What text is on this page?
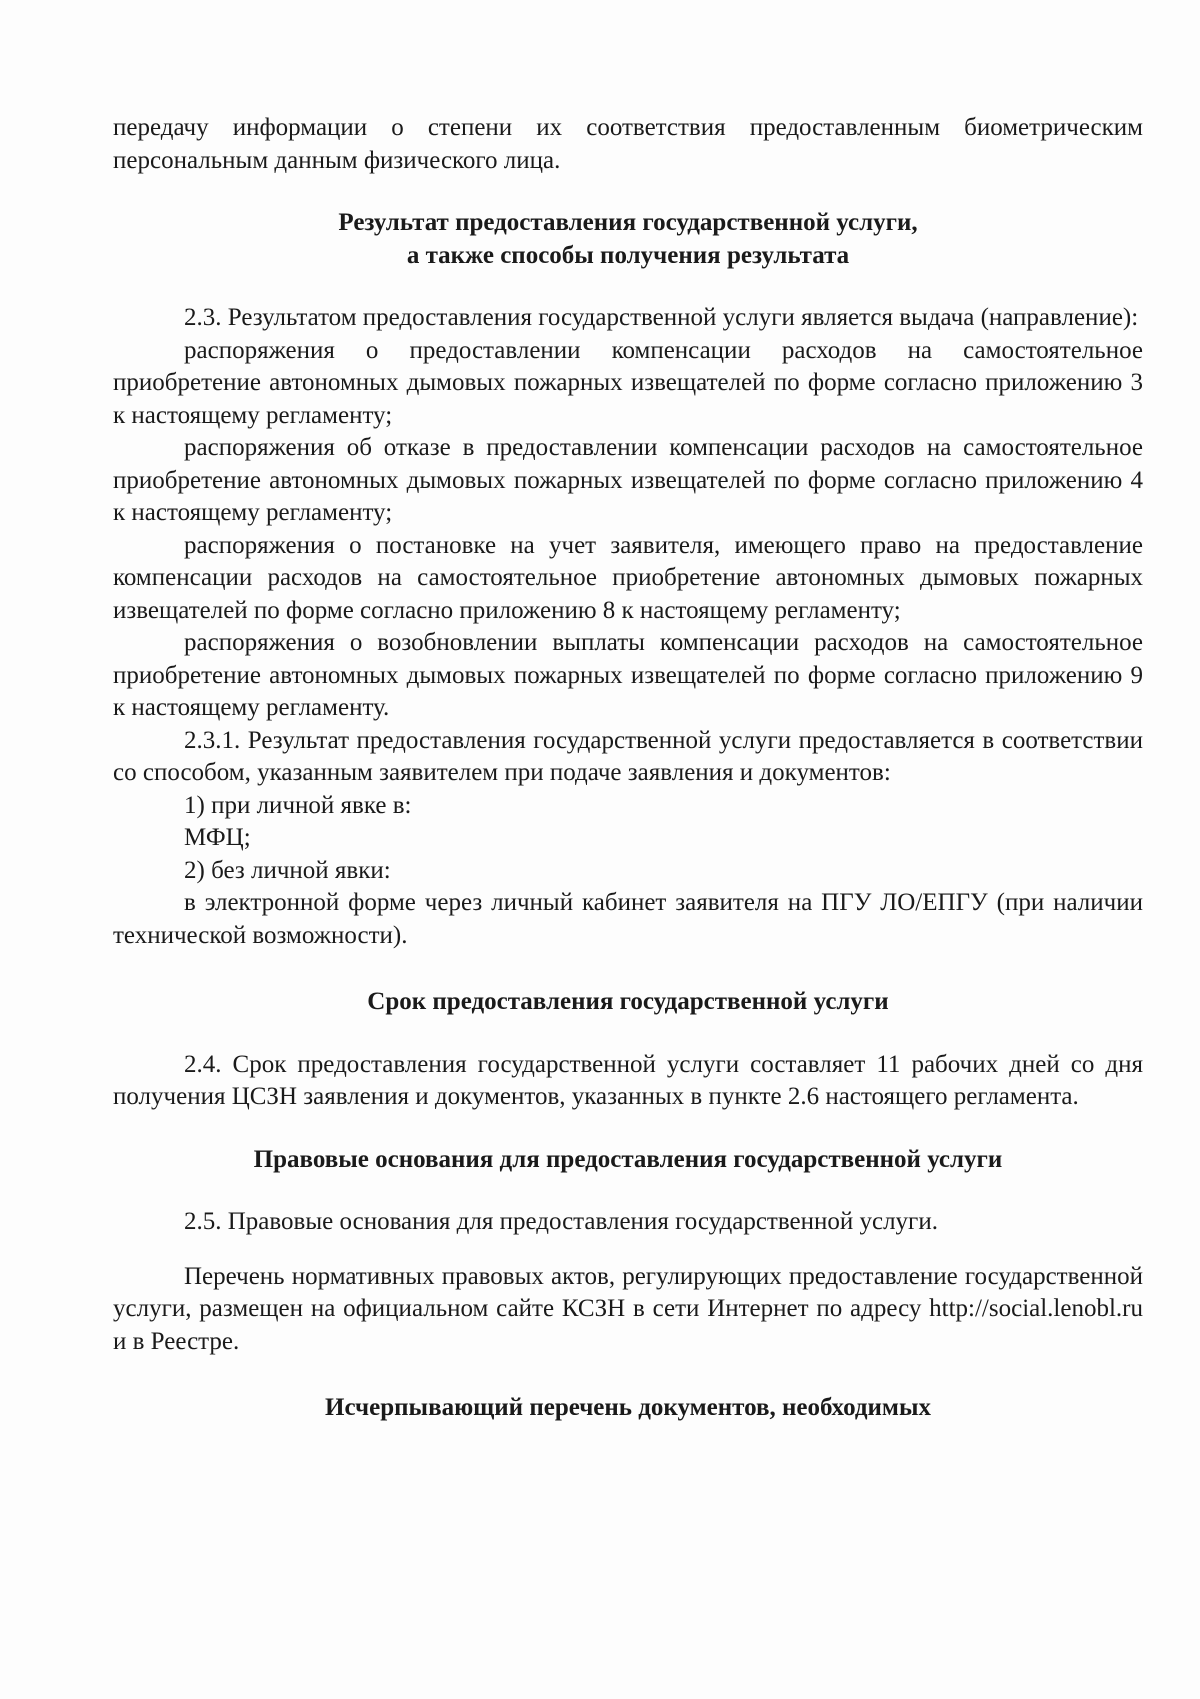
передачу информации о степени их соответствия предоставленным биометрическим персональным данным физического лица.

Результат предоставления государственной услуги,
а также способы получения результата

2.3. Результатом предоставления государственной услуги является выдача (направление):

распоряжения о предоставлении компенсации расходов на самостоятельное приобретение автономных дымовых пожарных извещателей по форме согласно приложению 3 к настоящему регламенту;

распоряжения об отказе в предоставлении компенсации расходов на самостоятельное приобретение автономных дымовых пожарных извещателей по форме согласно приложению 4 к настоящему регламенту;

распоряжения о постановке на учет заявителя, имеющего право на предоставление компенсации расходов на самостоятельное приобретение автономных дымовых пожарных извещателей по форме согласно приложению 8 к настоящему регламенту;

распоряжения о возобновлении выплаты компенсации расходов на самостоятельное приобретение автономных дымовых пожарных извещателей по форме согласно приложению 9 к настоящему регламенту.

2.3.1. Результат предоставления государственной услуги предоставляется в соответствии со способом, указанным заявителем при подаче заявления и документов:

1) при личной явке в:

МФЦ;

2) без личной явки:

в электронной форме через личный кабинет заявителя на ПГУ ЛО/ЕПГУ (при наличии технической возможности).

Срок предоставления государственной услуги

2.4. Срок предоставления государственной услуги составляет 11 рабочих дней со дня получения ЦСЗН заявления и документов, указанных в пункте 2.6 настоящего регламента.

Правовые основания для предоставления государственной услуги

2.5. Правовые основания для предоставления государственной услуги.

Перечень нормативных правовых актов, регулирующих предоставление государственной услуги, размещен на официальном сайте КСЗН в сети Интернет по адресу http://social.lenobl.ru и в Реестре.

Исчерпывающий перечень документов, необходимых
